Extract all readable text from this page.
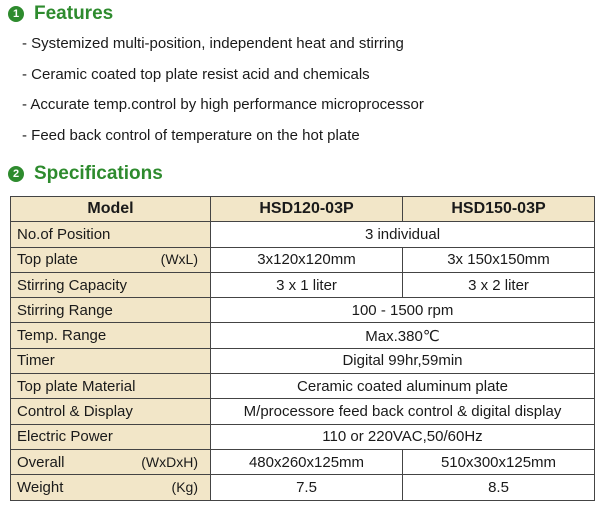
1 Features
- Systemized multi-position, independent heat and stirring
- Ceramic coated top plate resist acid and chemicals
- Accurate temp.control by high performance microprocessor
- Feed back control of temperature on the hot plate
2 Specifications
Model	HSD120-03P	HSD150-03P

No.of Position	3 individual	

Top plate (WxL)	3x120x120mm	3x 150x150mm

Stirring Capacity	3 x 1 liter	3 x 2 liter

Stirring Range	100 - 1500 rpm	

Temp. Range	Max.380℃	

Timer	Digital 99hr,59min	

Top plate Material	Ceramic coated aluminum plate	

Control & Display	M/processore feed back control & digital display	

Electric Power	110 or 220VAC,50/60Hz	

Overall (WxDxH)	480x260x125mm	510x300x125mm

Weight (Kg)	7.5	8.5
